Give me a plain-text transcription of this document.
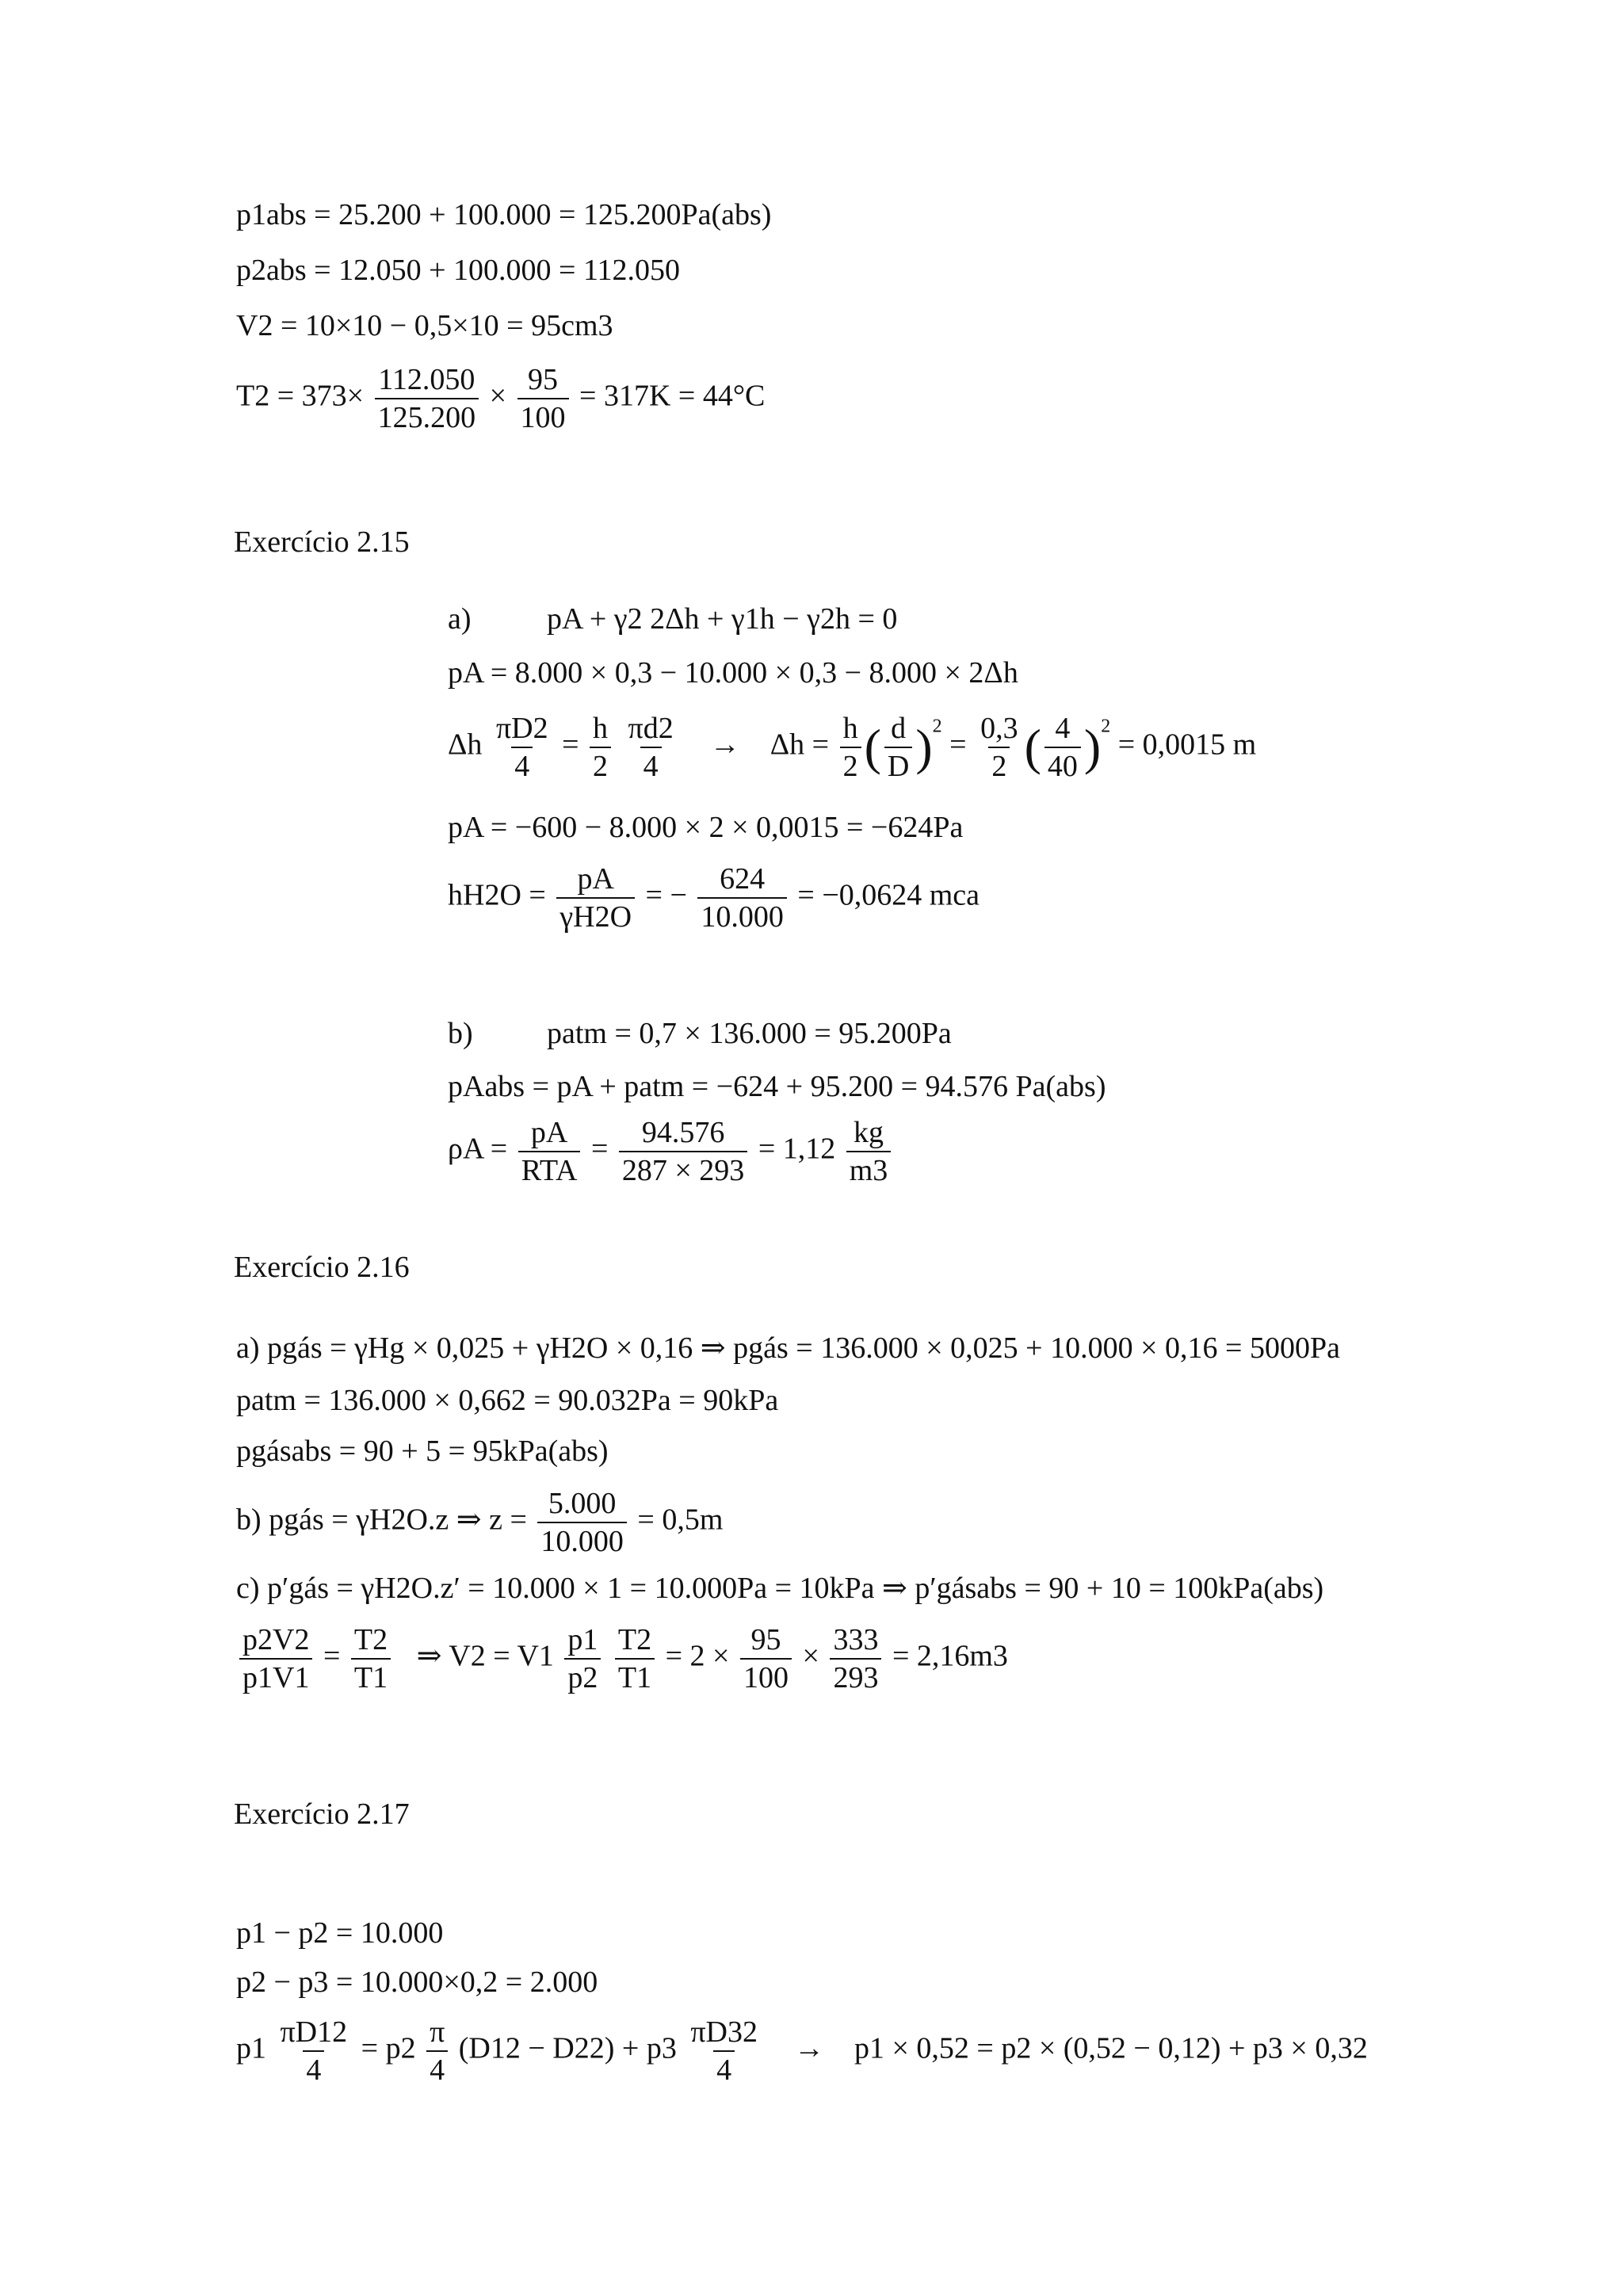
p1abs = 25.200 + 100.000 = 125.200Pa(abs)
p2abs = 12.050 + 100.000 = 112.050
V2 = 10×10 − 0,5×10 = 95cm3
$T2 = 373\times \frac{112.050}{125.200} \times \frac{95}{100} = 317K = 44^\circ C$
Exercício 2.15
a)	pA + γ2 2Δh + γ1h − γ2h = 0
pA = 8.000 × 0,3 − 10.000 × 0,3 − 8.000 × 2Δh
Δh $\frac{\pi D2}{4} = \frac{h}{2}$
$\frac{\pi d2}{4} \to \Delta h = \frac{h}{2}$ ( $\frac{d}{D} )^2 = \frac{0,3}{2}$ ( $\frac{4}{40} )^2 = 0,0015$ m
pA = −600 − 8.000 × 2 × 0,0015 = −624Pa
$hH2O = \frac{pA}{\gamma H2O}$ = − $\frac{624}{10.000} = -0,0624$ mca
b) patm = 0,7 × 136.000 = 95.200Pa
pAabs = pA + patm = −624 + 95.200 = 94.576 Pa(abs)
$\rho A = \frac{pA}{\text{RTA}} = \frac{94.576}{287 \times 293} = 1,12 \frac{kg}{m3}$
Exercício 2.16
a) pgás = γHg × 0,025 + γH2O × 0,16 ⇒ pgás = 136.000 × 0,025 + 10.000 × 0,16 = 5000Pa
patm = 136.000 × 0,662 = 90.032Pa = 90kPa
pgásabs = 90 + 5 = 95kPa(abs)
b) pgás = γH2O.z ⇒ $z = \frac{5.000}{10.000} = 0,5m$
c) p′gás = γH2O.z′ = 10.000 × 1 = 10.000Pa = 10kPa ⇒ p′gásabs = 90 + 10 = 100kPa(abs)
$\frac{p2V2}{p1V1} = \frac{T2}{T1}$ ⇒ $V2 = V1 \frac{p1}{p2}$
$\frac{T2}{T1} = 2 \times \frac{95}{100} \times \frac{333}{293} = 2,16m3$
Exercício 2.17
p1 − p2 = 10.000
p2 − p3 = 10.000×0,2 = 2.000
$p1 \frac{\pi D12}{4} = p2 \frac{\pi}{4} (D12 - D22) + p3 \frac{\pi D32}{4} \to p1 \times 0,52 = p2 \times (0,52 - 0,12) + p3 \times 0,32$
